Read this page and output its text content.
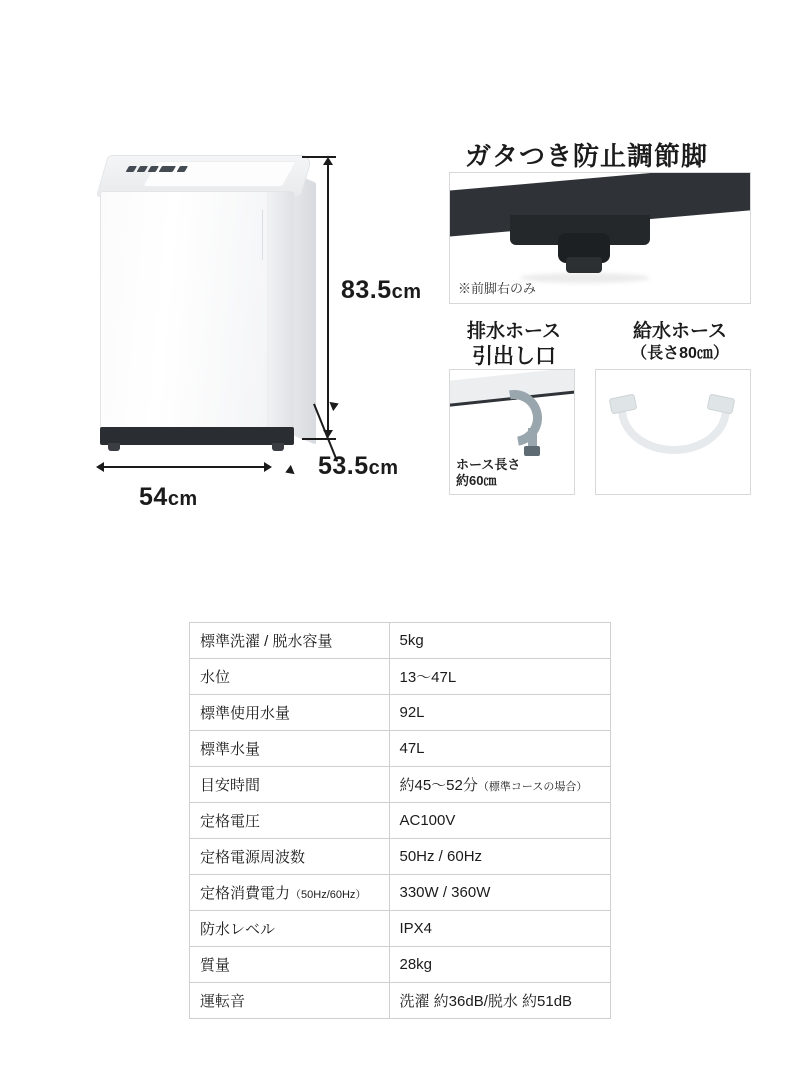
83.5cm
53.5cm
54cm
ガタつき防止調節脚
※前脚右のみ
排水ホース
引出し口
給水ホース
（長さ80㎝）
ホース長さ
約60㎝
標準洗濯 / 脱水容量	5kg
水位	13〜47L
標準使用水量	92L
標準水量	47L
目安時間	約45〜52分（標準コースの場合）
定格電圧	AC100V
定格電源周波数	50Hz / 60Hz
定格消費電力（50Hz/60Hz）	330W / 360W
防水レベル	IPX4
質量	28kg
運転音	洗濯 約36dB/脱水 約51dB
